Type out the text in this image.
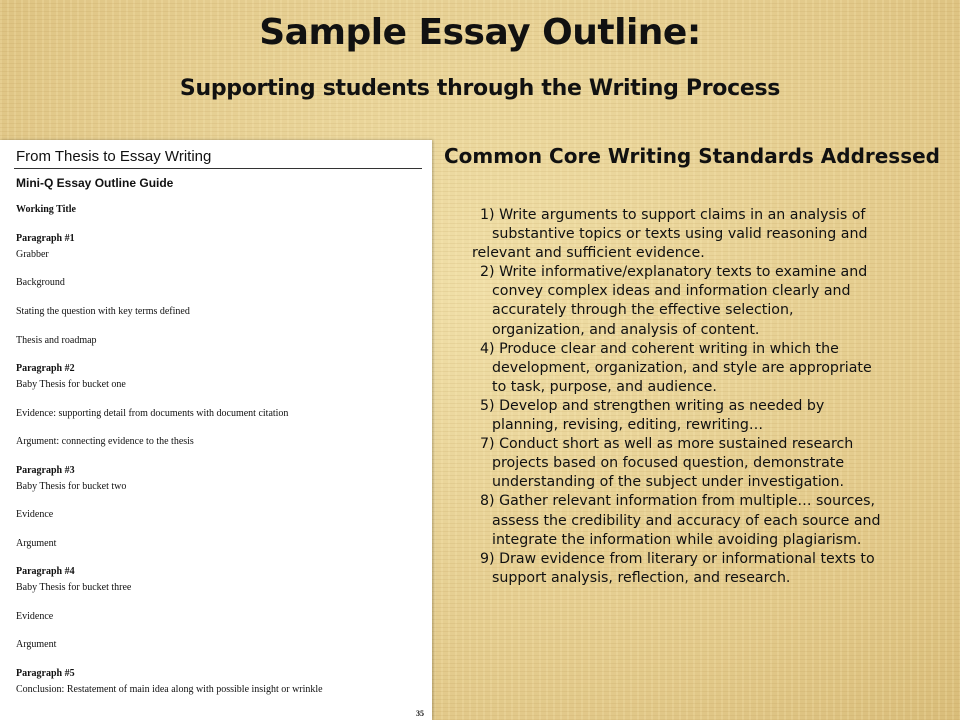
Sample Essay Outline:
Supporting students through the Writing Process
From Thesis to Essay Writing
Mini-Q Essay Outline Guide
Working Title
Paragraph #1
Grabber
Background
Stating the question with key terms defined
Thesis and roadmap
Paragraph #2
Baby Thesis for bucket one
Evidence: supporting detail from documents with document citation
Argument: connecting evidence to the thesis
Paragraph #3
Baby Thesis for bucket two
Evidence
Argument
Paragraph #4
Baby Thesis for bucket three
Evidence
Argument
Paragraph #5
Conclusion: Restatement of main idea along with possible insight or wrinkle
35
Common Core Writing Standards Addressed
1) Write arguments to support claims in an analysis of
substantive topics or texts using valid reasoning and
relevant and sufficient evidence.
2) Write informative/explanatory texts to examine and
convey complex ideas and information clearly and
accurately through the effective selection,
organization, and analysis of content.
4) Produce clear and coherent writing in which the
development, organization, and style are appropriate
to task, purpose, and audience.
5) Develop and strengthen writing as needed by
planning, revising, editing, rewriting…
7) Conduct short as well as more sustained research
projects based on focused question, demonstrate
understanding of the subject under investigation.
8) Gather relevant information from multiple… sources,
assess the credibility and accuracy of each source and
integrate the information while avoiding plagiarism.
9) Draw evidence from literary or informational texts to
support analysis, reflection, and research.
